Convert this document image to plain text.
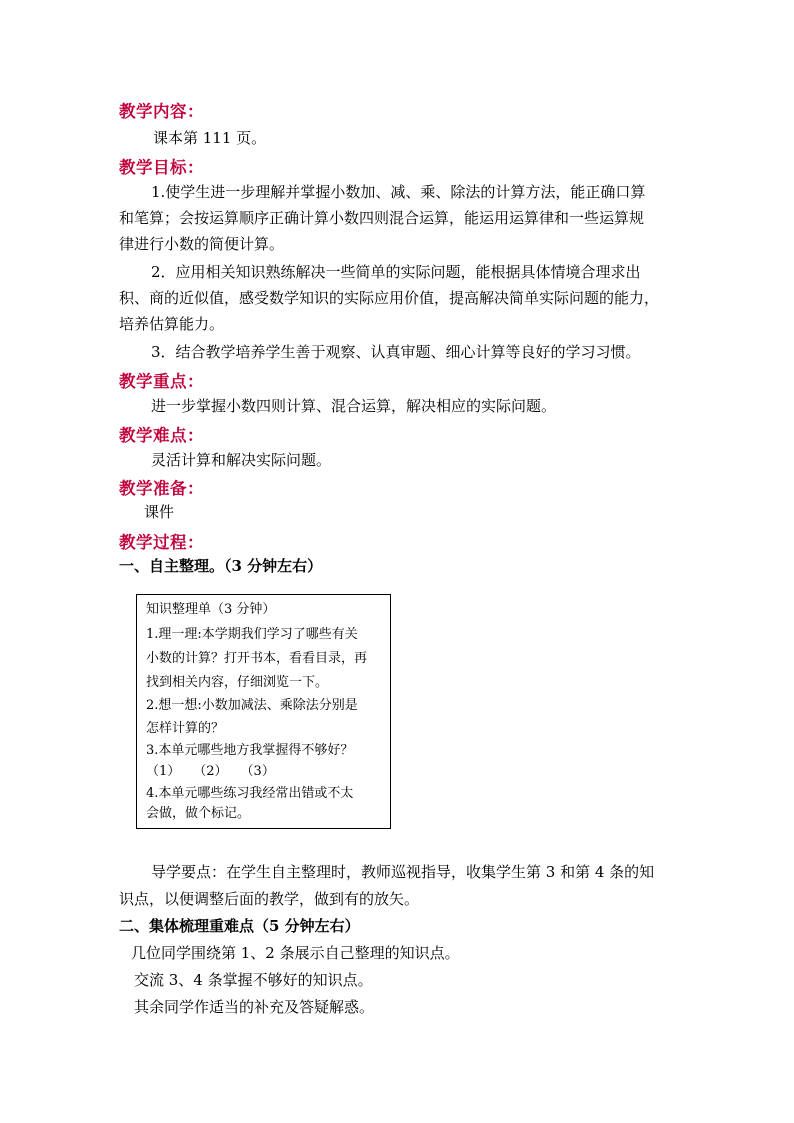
教学内容：
课本第 111 页。
教学目标：
1.使学生进一步理解并掌握小数加、减、乘、除法的计算方法，能正确口算
和笔算；会按运算顺序正确计算小数四则混合运算，能运用运算律和一些运算规
律进行小数的简便计算。
2．应用相关知识熟练解决一些简单的实际问题，能根据具体情境合理求出
积、商的近似值，感受数学知识的实际应用价值，提高解决简单实际问题的能力，
培养估算能力。
3．结合教学培养学生善于观察、认真审题、细心计算等良好的学习习惯。
教学重点：
进一步掌握小数四则计算、混合运算，解决相应的实际问题。
教学难点：
灵活计算和解决实际问题。
教学准备：
课件
教学过程：
一、自主整理。（3 分钟左右）
知识整理单（3 分钟）
1.理一理:本学期我们学习了哪些有关
小数的计算？打开书本，看看目录，再
找到相关内容，仔细浏览一下。
2.想一想:小数加减法、乘除法分别是
怎样计算的？
3.本单元哪些地方我掌握得不够好？
（1）　　（2）　　（3）
4.本单元哪些练习我经常出错或不太
会做，做个标记。
导学要点：在学生自主整理时，教师巡视指导，收集学生第 3 和第 4 条的知
识点，以便调整后面的教学，做到有的放矢。
二、集体梳理重难点（5 分钟左右）
几位同学围绕第 1、2 条展示自己整理的知识点。
交流 3、4 条掌握不够好的知识点。
其余同学作适当的补充及答疑解惑。
